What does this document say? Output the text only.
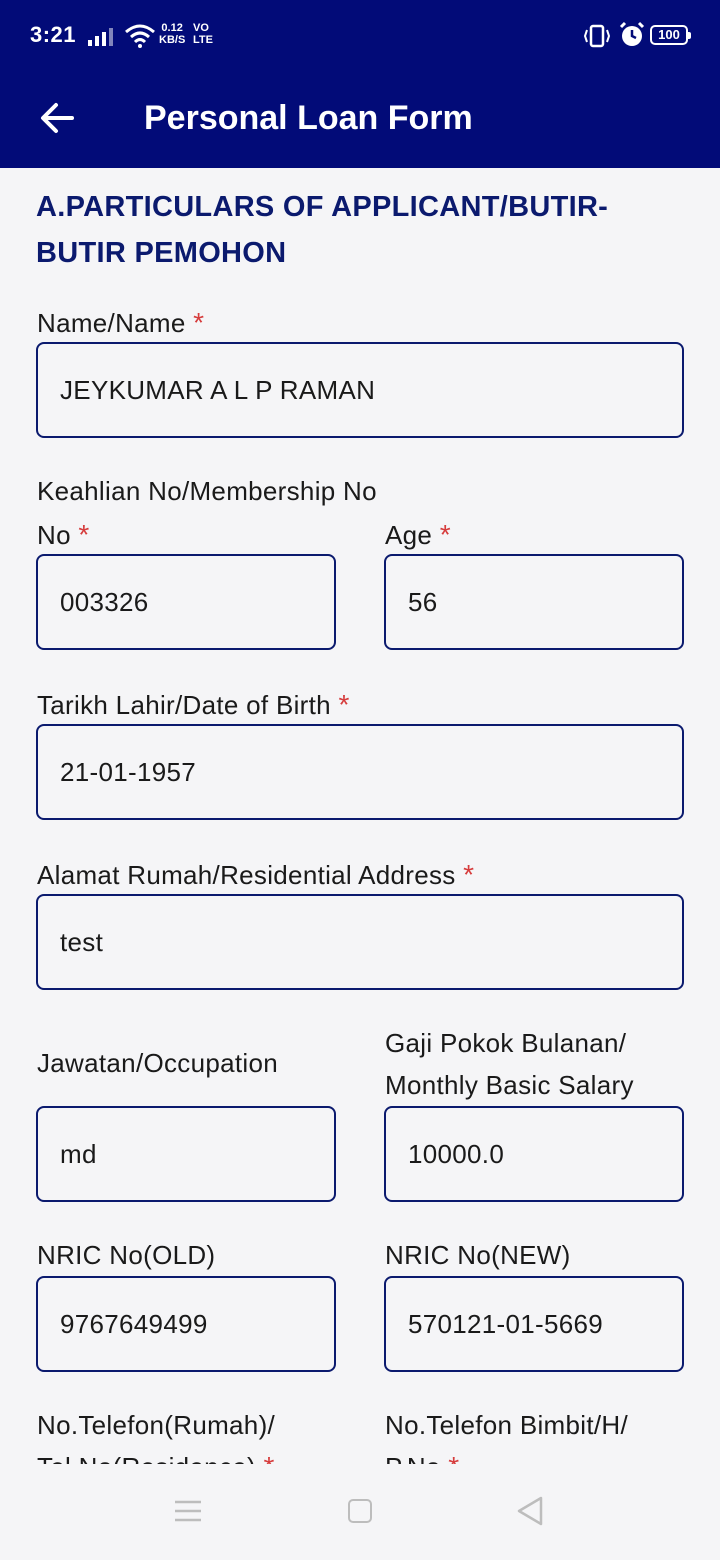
3:21	0.12
KB/S
VO
LTE	100
Personal Loan Form
A.PARTICULARS OF APPLICANT/BUTIR-BUTIR PEMOHON
Name/Name *
JEYKUMAR A L P RAMAN
Keahlian No/Membership No
No *
003326
Age *
56
Tarikh Lahir/Date of Birth *
21-01-1957
Alamat Rumah/Residential Address *
test
Jawatan/Occupation
md
Gaji Pokok Bulanan/
Monthly Basic Salary
10000.0
NRIC No(OLD)
9767649499
NRIC No(NEW)
570121-01-5669
No.Telefon(Rumah)/	No.Telefon Bimbit/H/
